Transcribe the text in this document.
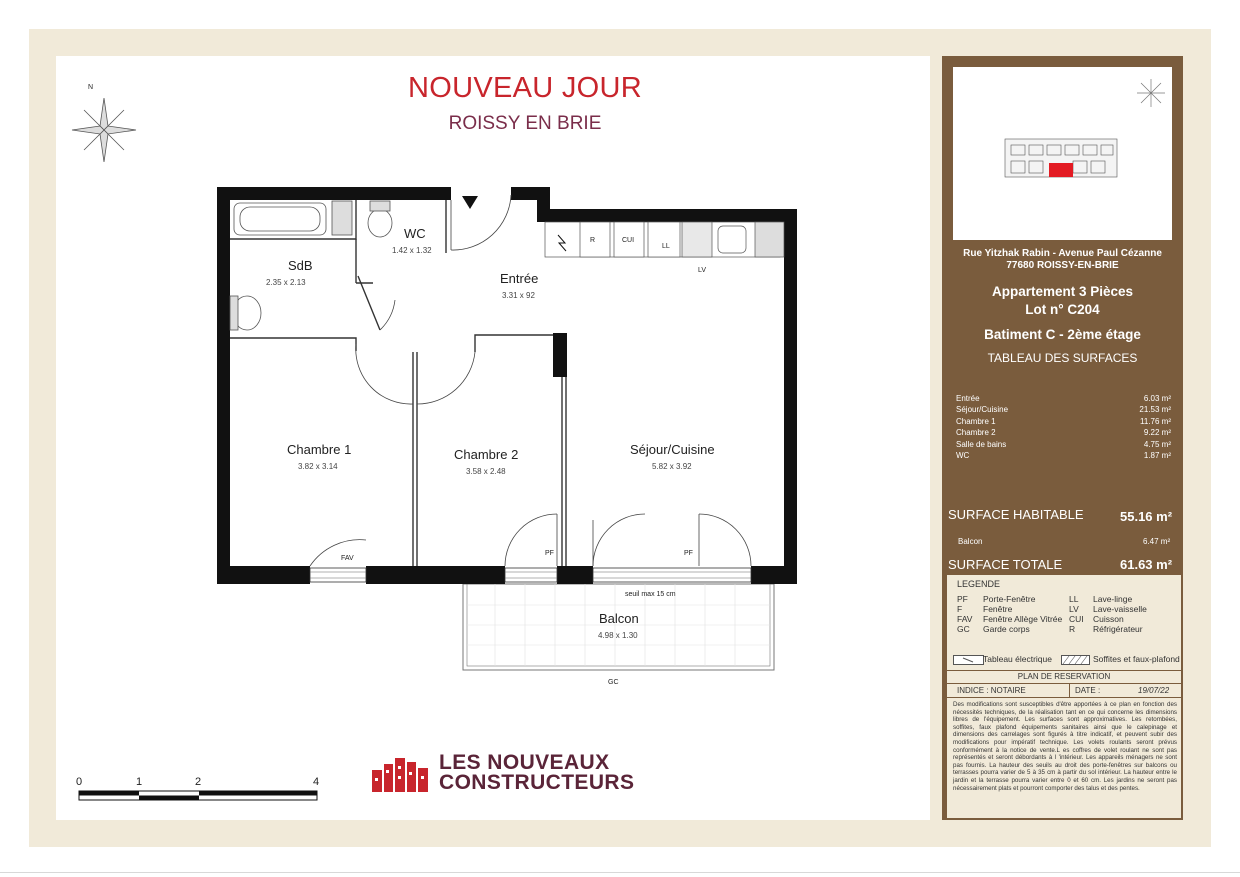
NOUVEAU JOUR
ROISSY EN BRIE
N
R	CUI
LL
LV
SdB
2.35 x 2.13
WC
1.42 x 1.32
Entrée
3.31 x 92
Chambre 1
3.82 x 3.14
Chambre 2
3.58 x 2.48
Séjour/Cuisine
5.82 x 3.92
Balcon
4.98 x 1.30
FAV
PF	PF
seuil max 15 cm
GC
0	1	2	4
LES NOUVEAUX
CONSTRUCTEURS
Rue Yitzhak Rabin - Avenue Paul Cézanne
77680 ROISSY-EN-BRIE
Appartement 3 Pièces
Lot n° C204
Batiment C - 2ème étage
TABLEAU DES SURFACES
Entrée	6.03 m²
Séjour/Cuisine	21.53 m²
Chambre 1	11.76 m²
Chambre 2	9.22 m²
Salle de bains	4.75 m²
WC	1.87 m²
SURFACE HABITABLE	55.16 m²
Balcon	6.47 m²
SURFACE TOTALE	61.63 m²
LEGENDE
PF Porte-Fenêtre
F Fenêtre
FAV Fenêtre Allège Vitrée
GC Garde corps
LL Lave-linge
LV Lave-vaisselle
CUI Cuisson
R Réfrigérateur
Tableau électrique	Soffites et faux-plafond
PLAN DE RESERVATION
INDICE : NOTAIRE	DATE :	19/07/22
Des modifications sont susceptibles d'être apportées à ce plan en fonction des nécessités techniques, de la réalisation tant en ce qui concerne les dimensions libres de l'équipement. Les surfaces sont approximatives. Les retombées, soffites, faux plafond équipements sanitaires ainsi que le calepinage et dimensions des carrelages sont figurés à titre indicatif, et peuvent subir des modifications pour impératif technique. Les volets roulants seront prévus conformément à la notice de vente.L es coffres de volet roulant ne sont pas représentés et seront débordants à l 'intérieur. Les appareils ménagers ne sont pas fournis. La hauteur des seuils au droit des porte-fenêtres sur balcons ou terrasses pourra varier de 5 à 35 cm à partir du sol intérieur. La hauteur entre le jardin et la terrasse pourra varier entre 0 et 60 cm. Les jardins ne seront pas nécessairement plats et pourront comporter des talus et des pentes.
